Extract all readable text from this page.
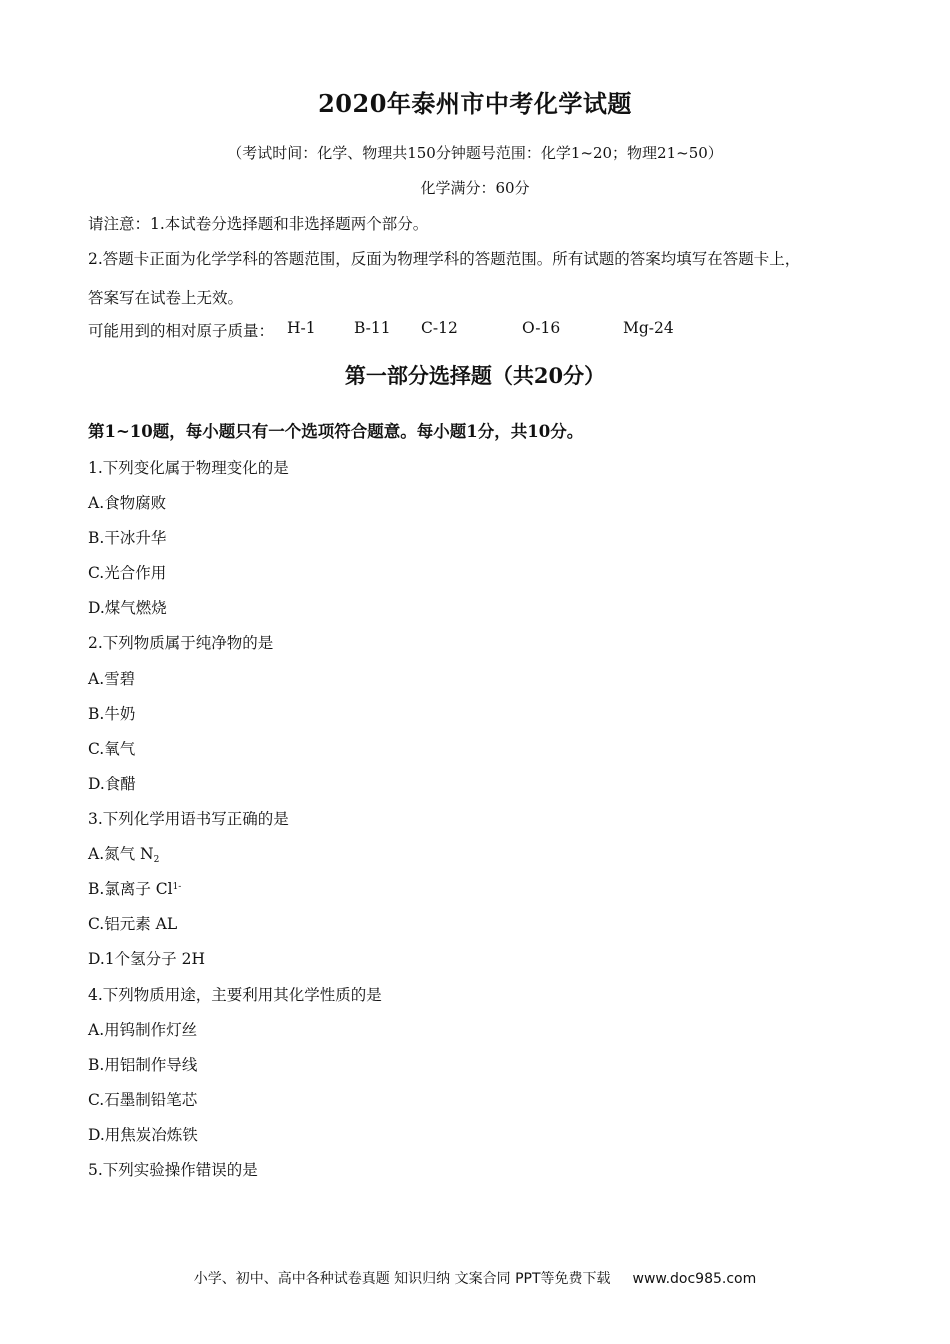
2020年泰州市中考化学试题
（考试时间：化学、物理共150分钟题号范围：化学1~20；物理21~50）
化学满分：60分
请注意：1.本试卷分选择题和非选择题两个部分。
2.答题卡正面为化学学科的答题范围，反面为物理学科的答题范围。所有试题的答案均填写在答题卡上，
答案写在试卷上无效。
可能用到的相对原子质量： H-1 B-11 C-12	O-16	Mg-24
第一部分选择题（共20分）
第1~10题，每小题只有一个选项符合题意。每小题1分，共10分。
1.下列变化属于物理变化的是
A.食物腐败
B.干冰升华
C.光合作用
D.煤气燃烧
2.下列物质属于纯净物的是
A.雪碧
B.牛奶
C.氧气
D.食醋
3.下列化学用语书写正确的是
A.氮气 $N_2$
B.氯离子 $Cl^{1-}$
C.铝元素 AL
D.1个氢分子 2H
4.下列物质用途，主要利用其化学性质的是
A.用钨制作灯丝
B.用铝制作导线
C.石墨制铅笔芯
D.用焦炭冶炼铁
5.下列实验操作错误的是
小学、初中、高中各种试卷真题 知识归纳 文案合同 PPT等免费下载 www.doc985.com
